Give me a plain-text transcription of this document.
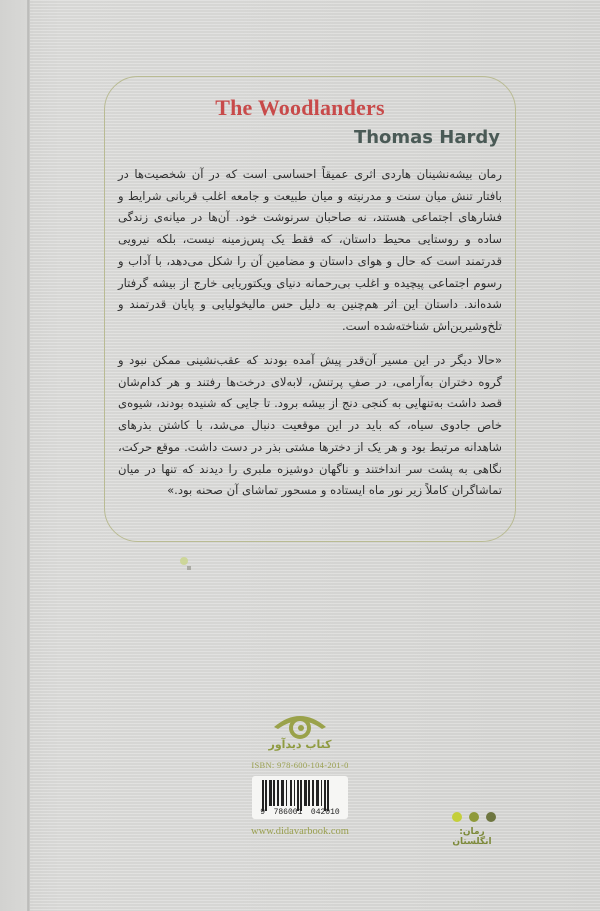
The Woodlanders
Thomas Hardy
رمان بیشه‌نشینان هاردی اثری عمیقاً احساسی است که در آن شخصیت‌ها در بافتار تنش میان سنت و مدرنیته و میان طبیعت و جامعه اغلب قربانی شرایط و فشارهای اجتماعی هستند، نه صاحبان سرنوشت خود. آن‌ها در میانه‌ی زندگی ساده و روستایی محیط داستان، که فقط یک پس‌زمینه نیست، بلکه نیرویی قدرتمند است که حال و هوای داستان و مضامین آن را شکل می‌دهد، با آداب و رسوم اجتماعی پیچیده و اغلب بی‌رحمانه دنیای ویکتوریایی خارج از بیشه گرفتار شده‌اند. داستان این اثر هم‌چنین به دلیل حس مالیخولیایی و پایان قدرتمند و تلخ‌وشیرین‌اش شناخته‌شده است.
«حالا دیگر در این مسیر آن‌قدر پیش آمده بودند که عقب‌نشینی ممکن نبود و گروه دختران به‌آرامی، در صفِ پرتنش، لابه‌لای درخت‌ها رفتند و هر کدام‌شان قصد داشت به‌تنهایی به کنجی دنج از بیشه برود. تا جایی که شنیده بودند، شیوه‌ی خاص جادوی سیاه، که باید در این موقعیت دنبال می‌شد، با کاشتن بذرهای شاهدانه مرتبط بود و هر یک از دخترها مشتی بذر در دست داشت. موقع حرکت، نگاهی به پشت سر انداختند و ناگهان دوشیزه ملبری را دیدند که تنها در میان تماشاگران کاملاً زیر نور ماه ایستاده و مسحور تماشای آن صحنه بود.»
کتاب دیدآور
ISBN: 978-600-104-201-0
9 786001 042010
www.didavarbook.com	رمان: انگلستان
